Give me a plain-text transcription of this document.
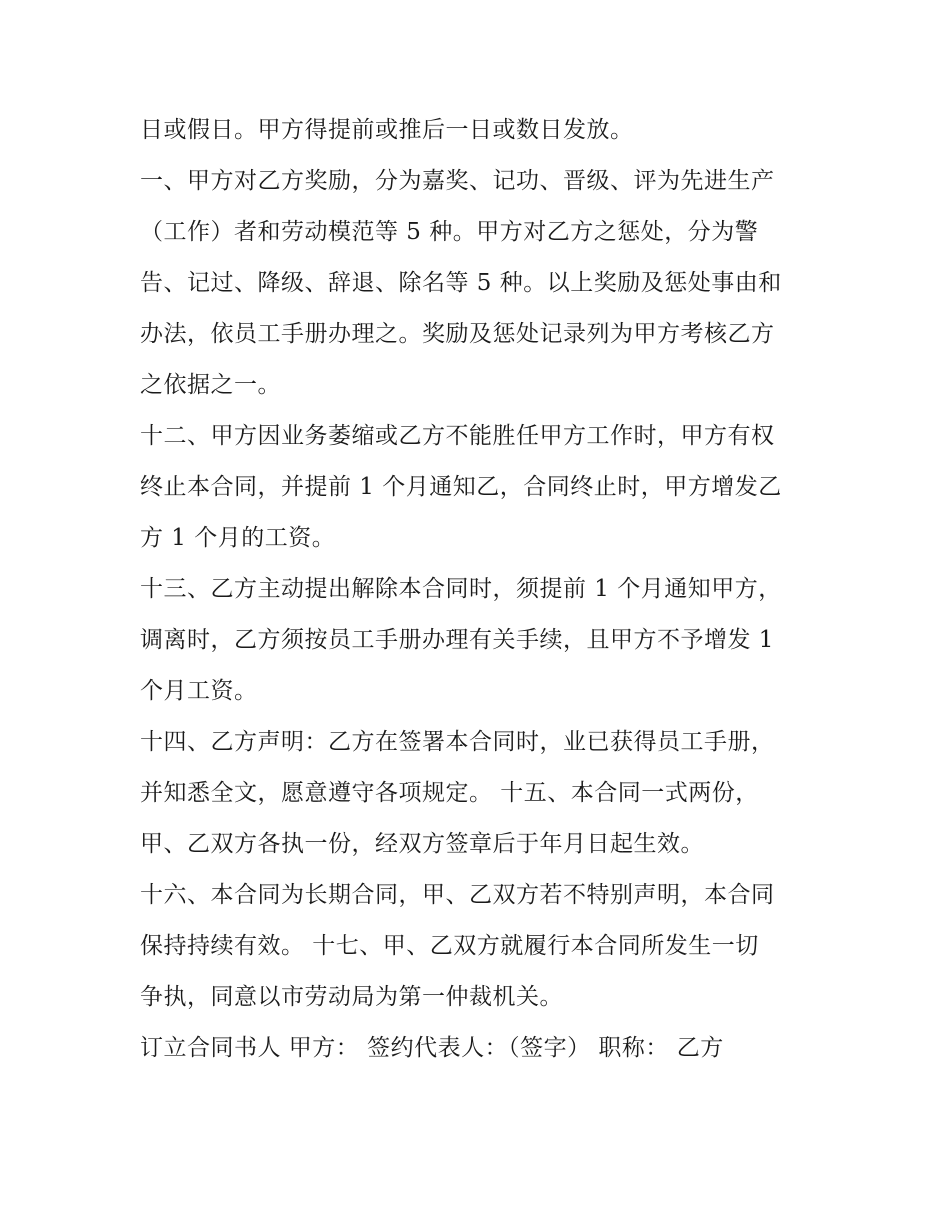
日或假日。甲方得提前或推后一日或数日发放。
一、甲方对乙方奖励，分为嘉奖、记功、晋级、评为先进生产
（工作）者和劳动模范等 5 种。甲方对乙方之惩处，分为警
告、记过、降级、辞退、除名等 5 种。以上奖励及惩处事由和
办法，依员工手册办理之。奖励及惩处记录列为甲方考核乙方
之依据之一。
十二、甲方因业务萎缩或乙方不能胜任甲方工作时，甲方有权
终止本合同，并提前 1 个月通知乙，合同终止时，甲方增发乙
方 1 个月的工资。
十三、乙方主动提出解除本合同时，须提前 1 个月通知甲方，
调离时，乙方须按员工手册办理有关手续，且甲方不予增发 1
个月工资。
十四、乙方声明：乙方在签署本合同时，业已获得员工手册，
并知悉全文，愿意遵守各项规定。 十五、本合同一式两份，
甲、乙双方各执一份，经双方签章后于年月日起生效。
十六、本合同为长期合同，甲、乙双方若不特别声明，本合同
保持持续有效。 十七、甲、乙双方就履行本合同所发生一切
争执，同意以市劳动局为第一仲裁机关。
订立合同书人 甲方： 签约代表人：（签字） 职称： 乙方
